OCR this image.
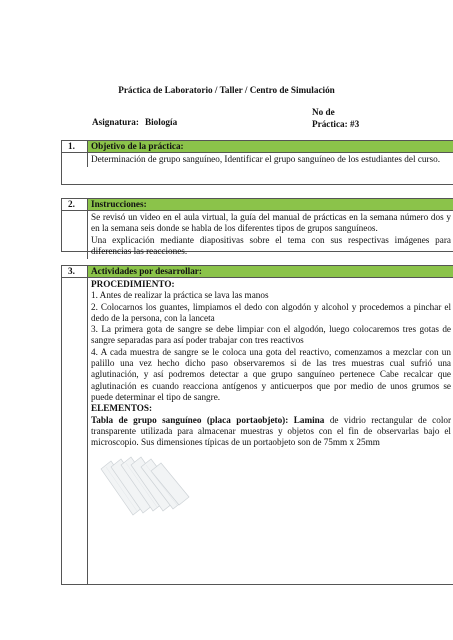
Práctica de Laboratorio / Taller / Centro de Simulación
No de
Práctica: #3
Asignatura: Biología
1.	Objetivo de la práctica:

Determinación de grupo sanguíneo, Identificar el grupo sanguíneo de los estudiantes del curso.

2.	Instrucciones:

Se revisó un video en el aula virtual, la guía del manual de prácticas en la semana número dos y en la semana seis donde se habla de los diferentes tipos de grupos sanguíneos.

Una explicación mediante diapositivas sobre el tema con sus respectivas imágenes para diferencias las reacciones.

3.	Actividades por desarrollar:

PROCEDIMIENTO:

1. Antes de realizar la práctica se lava las manos

2. Colocarnos los guantes, limpiamos el dedo con algodón y alcohol y procedemos a pinchar el dedo de la persona, con la lanceta

3. La primera gota de sangre se debe limpiar con el algodón, luego colocaremos tres gotas de sangre separadas para así poder trabajar con tres reactivos

4. A cada muestra de sangre se le coloca una gota del reactivo, comenzamos a mezclar con un palillo una vez hecho dicho paso observaremos si de las tres muestras cual sufrió una aglutinación, y así podremos detectar a que grupo sanguíneo pertenece Cabe recalcar que aglutinación es cuando reacciona antígenos y anticuerpos que por medio de unos grumos se puede determinar el tipo de sangre.

ELEMENTOS:

Tabla de grupo sanguíneo (placa portaobjeto): Lamina de vidrio rectangular de color transparente utilizada para almacenar muestras y objetos con el fin de observarlas bajo el microscopio. Sus dimensiones típicas de un portaobjeto son de 75mm x 25mm
